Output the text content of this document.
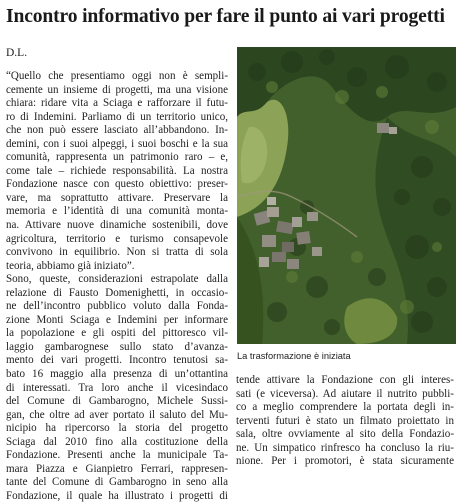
Incontro informativo per fare il punto ai vari progetti

D.L.

“Quello che presentiamo oggi non è sempli-
cemente un insieme di progetti, ma una visione
chiara: ridare vita a Sciaga e rafforzare il futu-
ro di Indemini. Parliamo di un territorio unico,
che non può essere lasciato all’abbandono. In-
demini, con i suoi alpeggi, i suoi boschi e la sua
comunità, rappresenta un patrimonio raro – e,
come tale – richiede responsabilità. La nostra
Fondazione nasce con questo obiettivo: preser-
vare, ma soprattutto attivare. Preservare la
memoria e l’identità di una comunità monta-
na. Attivare nuove dinamiche sostenibili, dove
agricoltura, territorio e turismo consapevole
convivono in equilibrio. Non si tratta di sola
teoria, abbiamo già iniziato”.
Sono, queste, considerazioni estrapolate dalla
relazione di Fausto Domenighetti, in occasio-
ne dell’incontro pubblico voluto dalla Fonda-
zione Monti Sciaga e Indemini per informare
la popolazione e gli ospiti del pittoresco vil-
laggio gambarognese sullo stato d’avanza-
mento dei vari progetti. Incontro tenutosi sa-
bato 16 maggio alla presenza di un’ottantina
di interessati. Tra loro anche il vicesindaco
del Comune di Gambarogno, Michele Sussi-
gan, che oltre ad aver portato il saluto del Mu-
nicipio ha ripercorso la storia del progetto
Sciaga dal 2010 fino alla costituzione della
Fondazione. Presenti anche la municipale Ta-
mara Piazza e Gianpietro Ferrari, rappresen-
tante del Comune di Gambarogno in seno alla
Fondazione, il quale ha illustrato i progetti di

La trasformazione è iniziata

tende attivare la Fondazione con gli interes-
sati (e viceversa). Ad aiutare il nutrito pubbli-
co a meglio comprendere la portata degli in-
terventi futuri è stato un filmato proiettato in
sala, oltre ovviamente al sito della Fondazio-
ne. Un simpatico rinfresco ha concluso la riu-
nione. Per i promotori, è stata sicuramente
